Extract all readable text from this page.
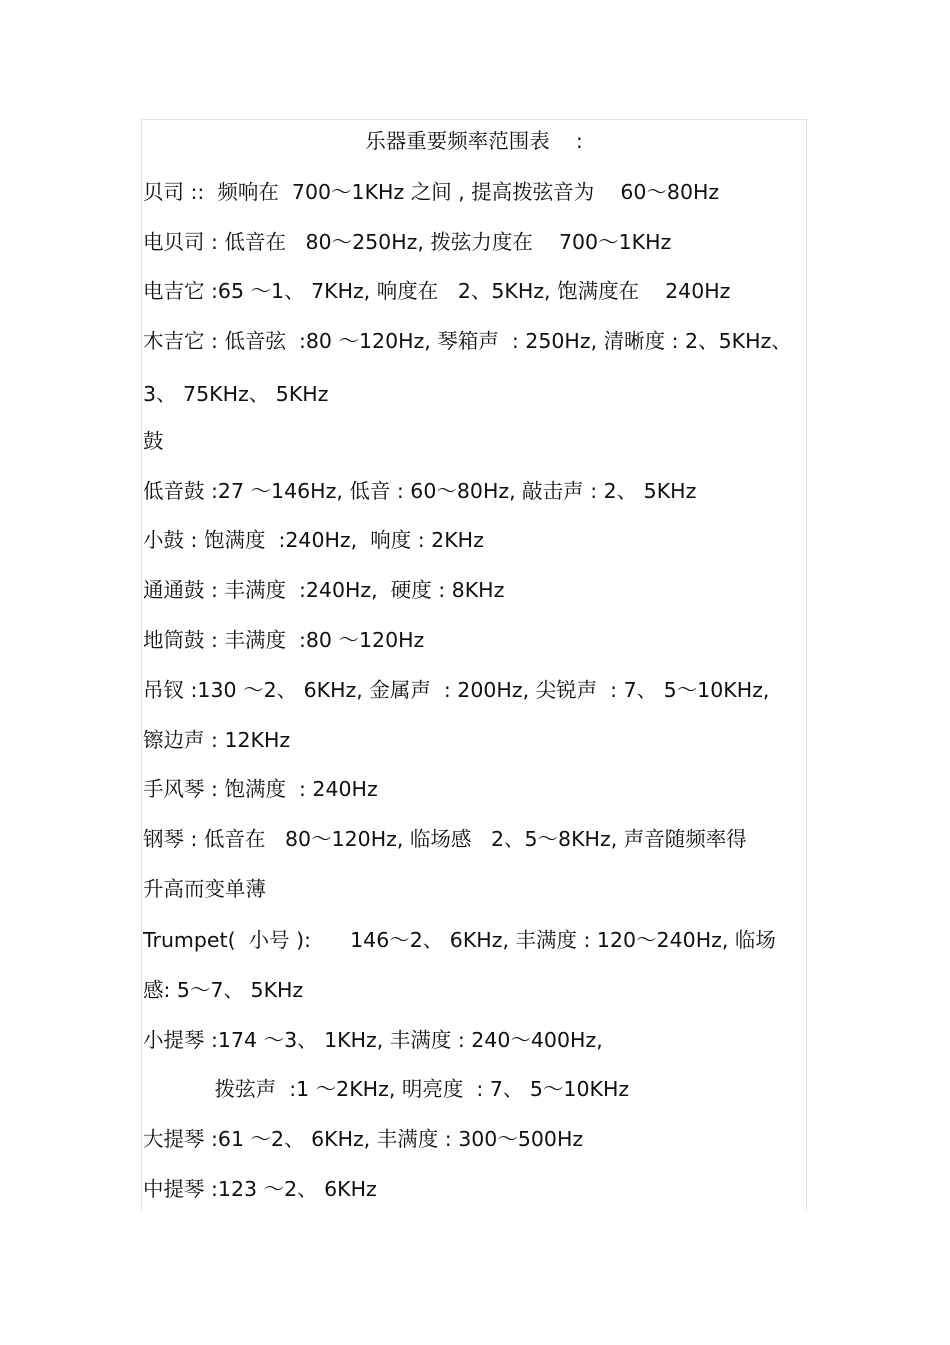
乐器重要频率范围表    :
贝司 ::  频响在  700～1KHz 之间 , 提高拨弦音为    60～80Hz
电贝司 : 低音在   80～250Hz, 拨弦力度在    700～1KHz
电吉它 :65 ～1、 7KHz, 响度在   2、5KHz, 饱满度在    240Hz
木吉它 : 低音弦  :80 ～120Hz, 琴箱声  : 250Hz, 清晰度 : 2、5KHz、
3、 75KHz、 5KHz
鼓
低音鼓 :27 ～146Hz, 低音 : 60～80Hz, 敲击声 : 2、 5KHz
小鼓 : 饱满度  :240Hz,  响度 : 2KHz
通通鼓 : 丰满度  :240Hz,  硬度 : 8KHz
地筒鼓 : 丰满度  :80 ～120Hz
吊钗 :130 ～2、 6KHz, 金属声  : 200Hz, 尖锐声  : 7、 5～10KHz,
镲边声 : 12KHz
手风琴 : 饱满度  : 240Hz
钢琴 : 低音在   80～120Hz, 临场感   2、5～8KHz, 声音随频率得
升高而变单薄
Trumpet(  小号 ):      146～2、 6KHz, 丰满度 : 120～240Hz, 临场
感: 5～7、 5KHz
小提琴 :174 ～3、 1KHz, 丰满度 : 240～400Hz,
拨弦声  :1 ～2KHz, 明亮度  : 7、 5～10KHz
大提琴 :61 ～2、 6KHz, 丰满度 : 300～500Hz
中提琴 :123 ～2、 6KHz
